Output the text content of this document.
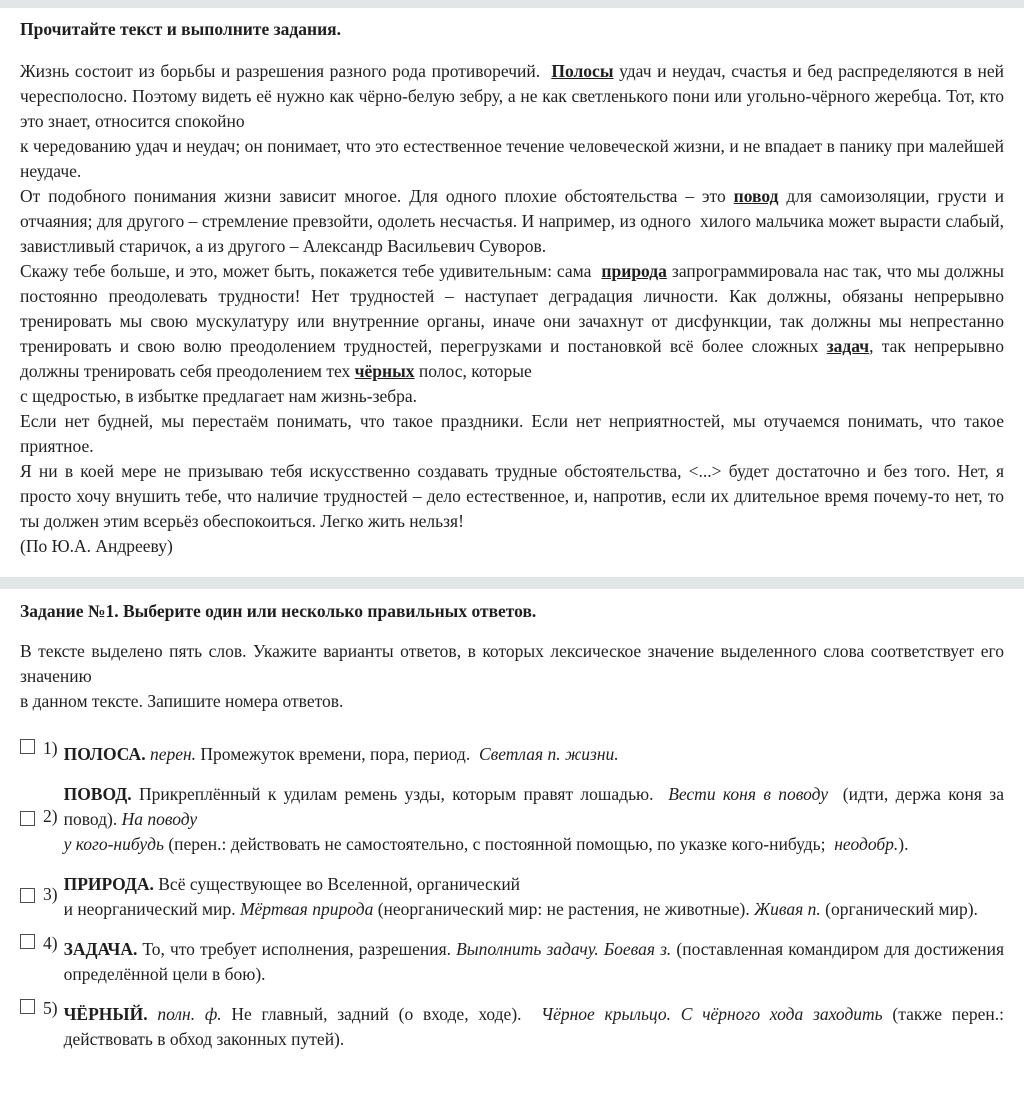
Прочитайте текст и выполните задания.
Жизнь состоит из борьбы и разрешения разного рода противоречий.  Полосы удач и неудач, счастья и бед распределяются в ней чересполосно. Поэтому видеть её нужно как чёрно-белую зебру, а не как светленького пони или угольно-чёрного жеребца. Тот, кто это знает, относится спокойно
к чередованию удач и неудач; он понимает, что это естественное течение человеческой жизни, и не впадает в панику при малейшей неудаче.
От подобного понимания жизни зависит многое. Для одного плохие обстоятельства – это повод для самоизоляции, грусти и отчаяния; для другого – стремление превзойти, одолеть несчастья. И например, из одного  хилого мальчика может вырасти слабый, завистливый старичок, а из другого – Александр Васильевич Суворов.
Скажу тебе больше, и это, может быть, покажется тебе удивительным: сама  природа запрограммировала нас так, что мы должны постоянно преодолевать трудности! Нет трудностей – наступает деградация личности. Как должны, обязаны непрерывно тренировать мы свою мускулатуру или внутренние органы, иначе они зачахнут от дисфункции, так должны мы непрестанно тренировать и свою волю преодолением трудностей, перегрузками и постановкой всё более сложных задач, так непрерывно должны тренировать себя преодолением тех чёрных полос, которые
с щедростью, в избытке предлагает нам жизнь-зебра.
Если нет будней, мы перестаём понимать, что такое праздники. Если нет неприятностей, мы отучаемся понимать, что такое приятное.
Я ни в коей мере не призываю тебя искусственно создавать трудные обстоятельства, <...> будет достаточно и без того. Нет, я просто хочу внушить тебе, что наличие трудностей – дело естественное, и, напротив, если их длительное время почему-то нет, то ты должен этим всерьёз обеспокоиться. Легко жить нельзя!
(По Ю.А. Андрееву)
Задание №1. Выберите один или несколько правильных ответов.
В тексте выделено пять слов. Укажите варианты ответов, в которых лексическое значение выделенного слова соответствует его значению
в данном тексте. Запишите номера ответов.
1) ПОЛОСА. перен. Промежуток времени, пора, период.  Светлая п. жизни.
2)
ПОВОД. Прикреплённый к удилам ремень узды, которым правят лошадью.  Вести коня в поводу  (идти, держа коня за повод). На поводу
у кого-нибудь (перен.: действовать не самостоятельно, с постоянной помощью, по указке кого-нибудь;  неодобр.).
3) ПРИРОДА. Всё существующее во Вселенной, органический
и неорганический мир. Мёртвая природа (неорганический мир: не растения, не животные). Живая п. (органический мир).
4) ЗАДАЧА. То, что требует исполнения, разрешения. Выполнить задачу. Боевая з. (поставленная командиром для достижения определённой цели в бою).
5) ЧЁРНЫЙ. полн. ф. Не главный, задний (о входе, ходе).  Чёрное крыльцо. С чёрного хода заходить (также перен.: действовать в обход законных путей).
